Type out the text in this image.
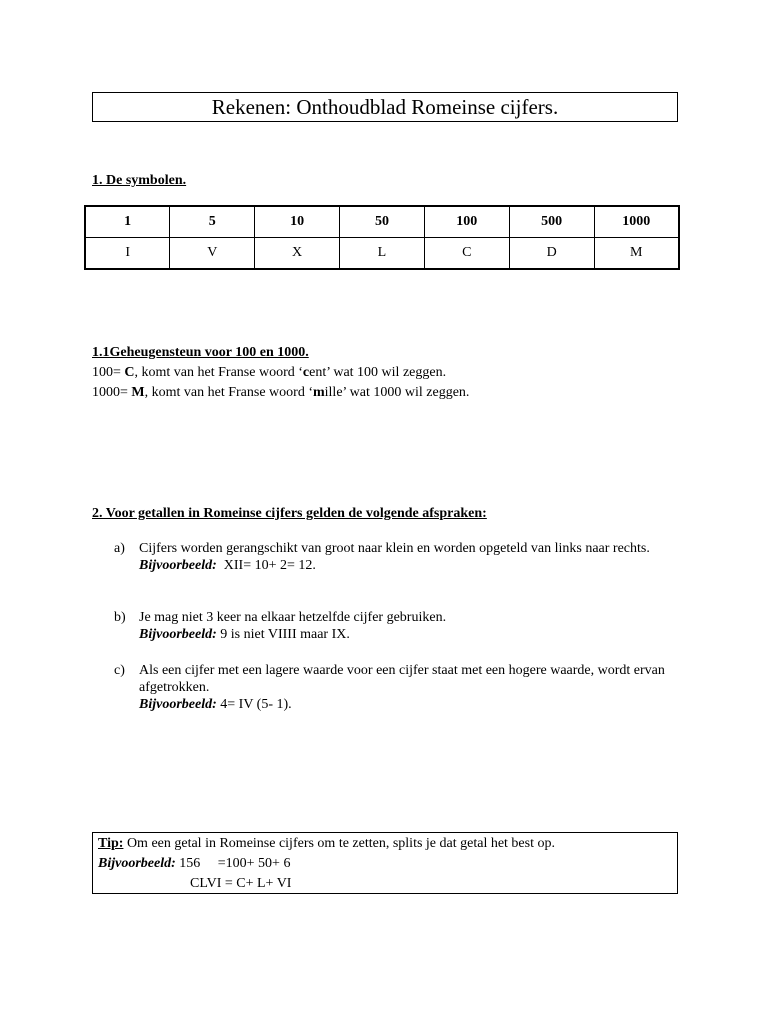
Rekenen: Onthoudblad Romeinse cijfers.
1. De symbolen.
1	5	10	50	100	500	1000
I	V	X	L	C	D	M
1.1Geheugensteun voor 100 en 1000.
100= C, komt van het Franse woord ‘cent’ wat 100 wil zeggen.
1000= M, komt van het Franse woord ‘mille’ wat 1000 wil zeggen.
2. Voor getallen in Romeinse cijfers gelden de volgende afspraken:
a) Cijfers worden gerangschikt van groot naar klein en worden opgeteld van links naar rechts.
Bijvoorbeeld:  XII= 10+ 2= 12.
b) Je mag niet 3 keer na elkaar hetzelfde cijfer gebruiken.
Bijvoorbeeld: 9 is niet VIIII maar IX.
c) Als een cijfer met een lagere waarde voor een cijfer staat met een hogere waarde, wordt ervan afgetrokken.
Bijvoorbeeld: 4= IV (5- 1).
Tip: Om een getal in Romeinse cijfers om te zetten, splits je dat getal het best op.
Bijvoorbeeld: 156     =100+ 50+ 6
CLVI = C+ L+ VI
